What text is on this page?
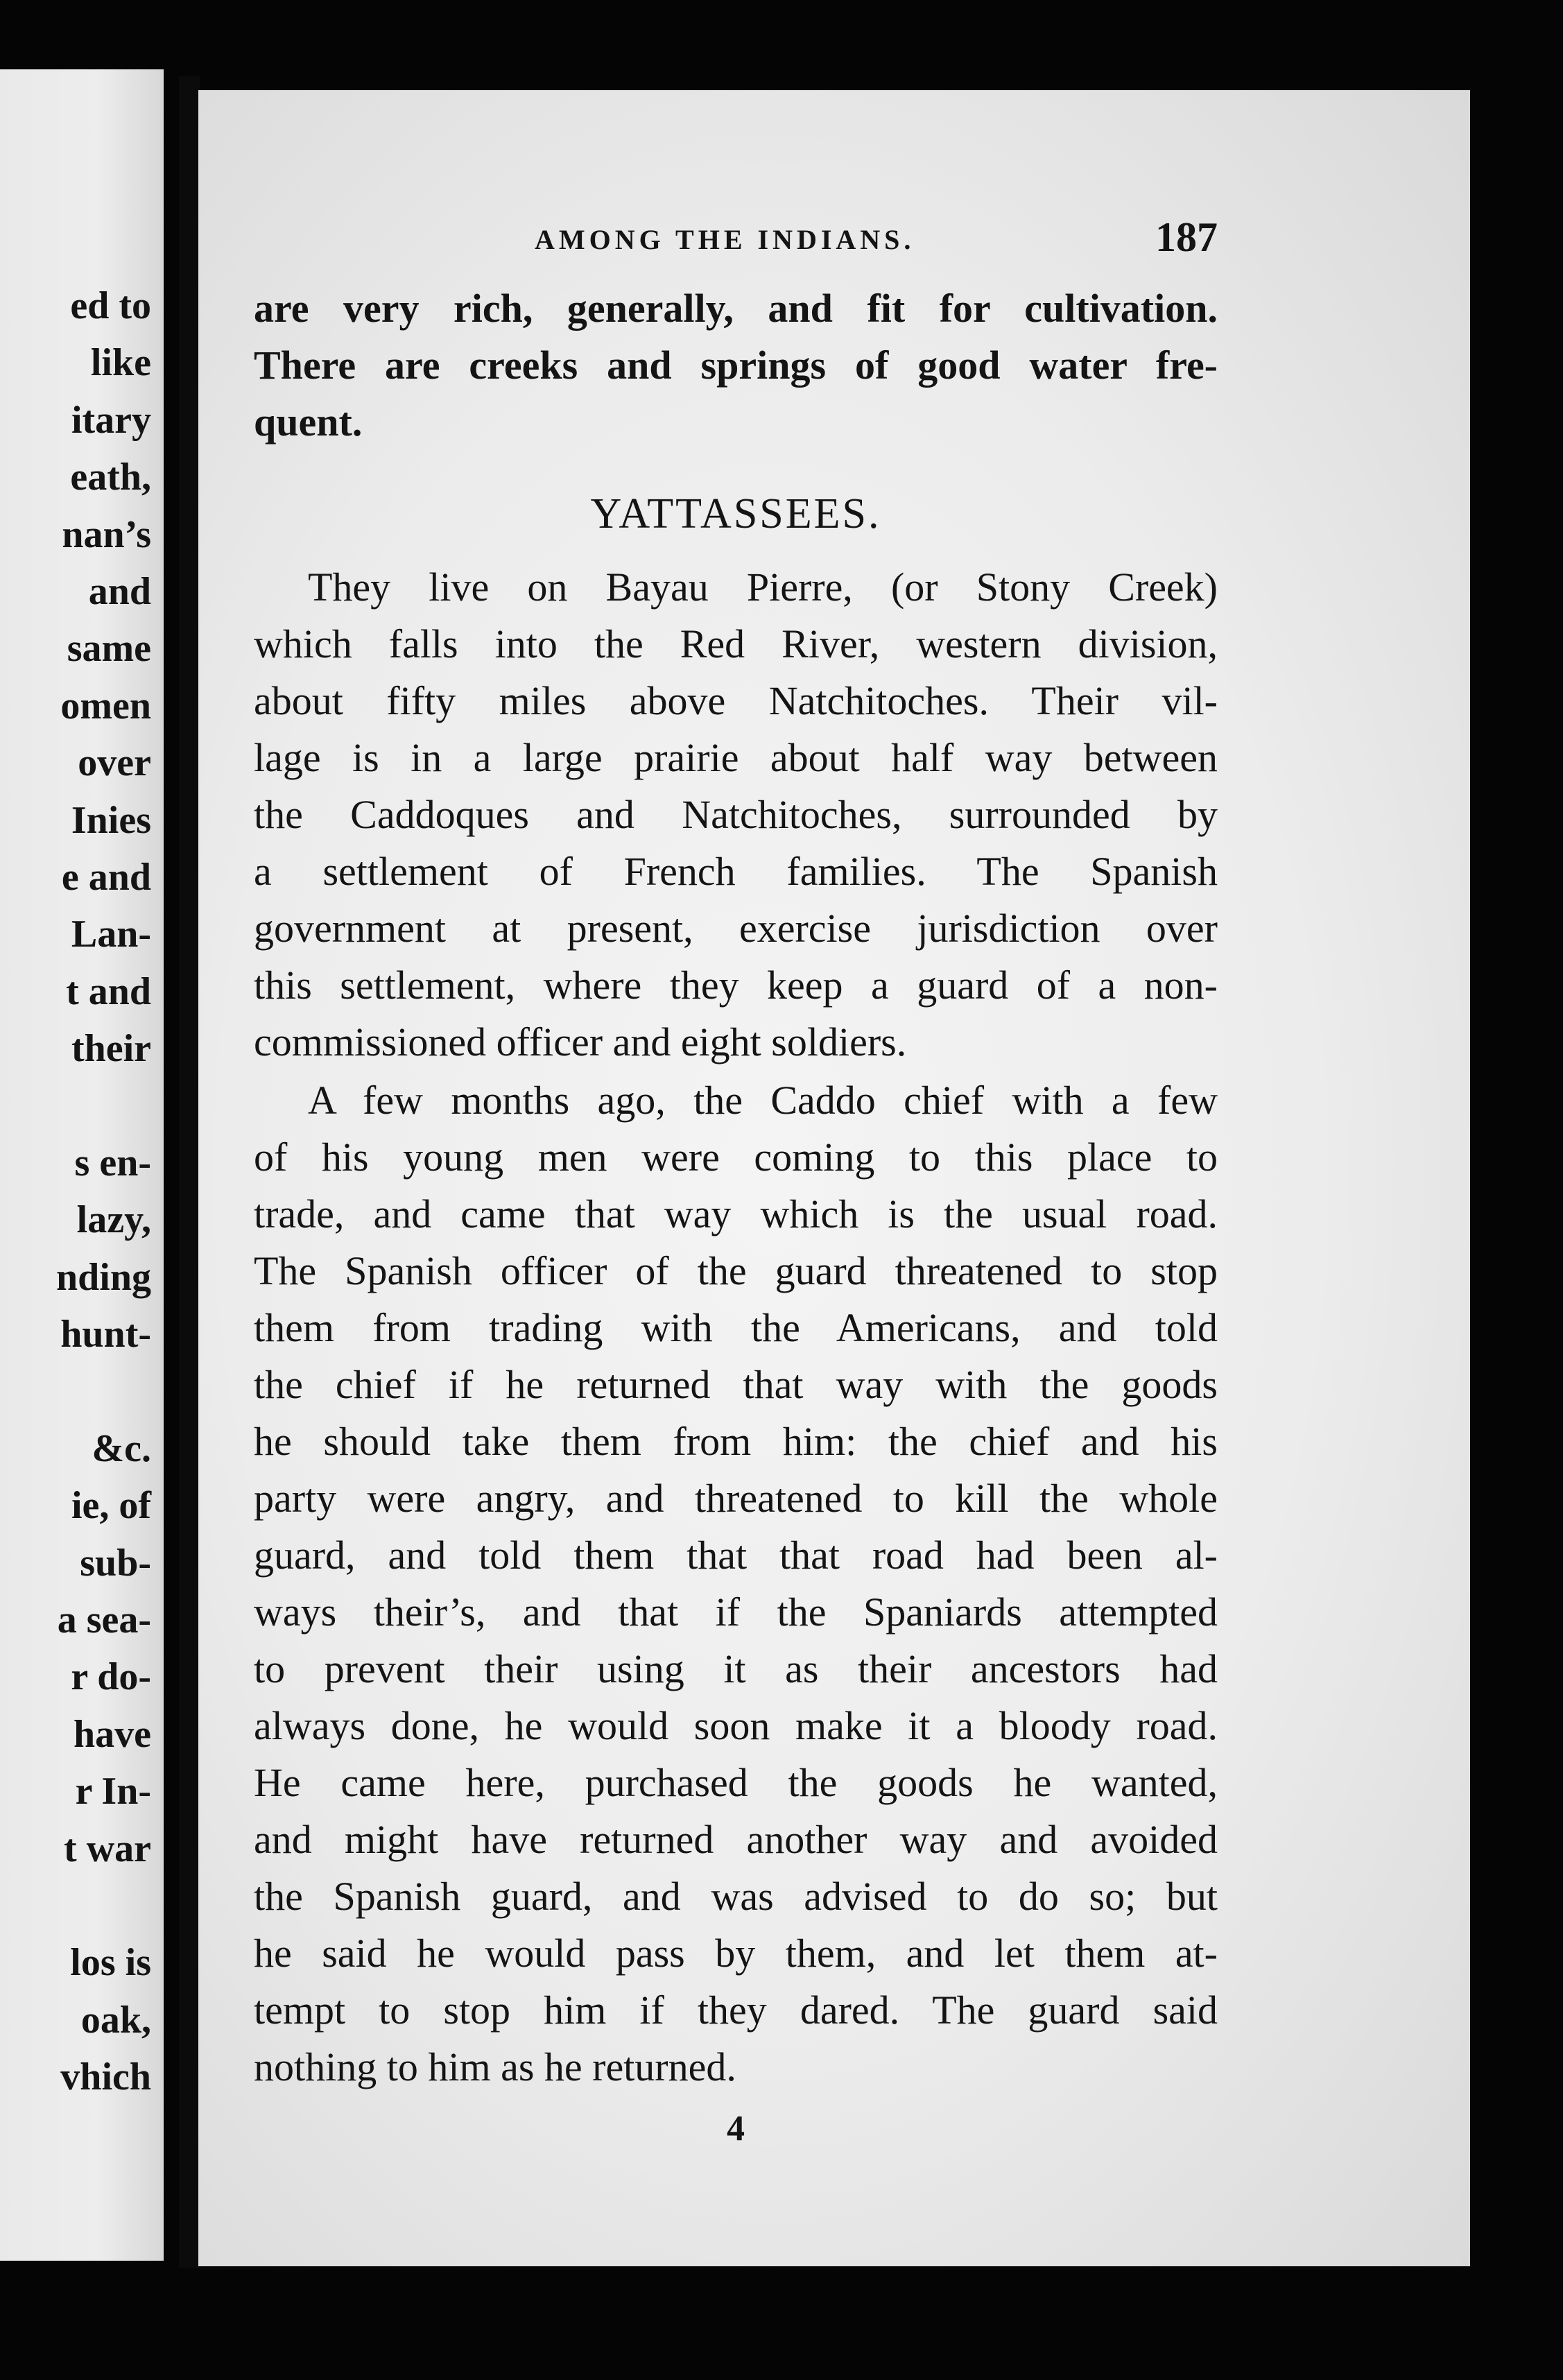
ed to
like
itary
eath,
nan’s
and
same
omen
over
Inies
e and
Lan-
t and
their
s en-
lazy,
nding
hunt-
&c.
ie, of
sub-
a sea-
r do-
have
r In-
t war
los is
oak,
vhich
AMONG THE INDIANS.	187
are very rich, generally, and fit for cultivation.
There are creeks and springs of good water fre-
quent.
YATTASSEES.
They live on Bayau Pierre, (or Stony Creek)
which falls into the Red River, western division,
about fifty miles above Natchitoches. Their vil-
lage is in a large prairie about half way between
the Caddoques and Natchitoches, surrounded by
a settlement of French families. The Spanish
government at present, exercise jurisdiction over
this settlement, where they keep a guard of a non-
commissioned officer and eight soldiers.
A few months ago, the Caddo chief with a few
of his young men were coming to this place to
trade, and came that way which is the usual road.
The Spanish officer of the guard threatened to stop
them from trading with the Americans, and told
the chief if he returned that way with the goods
he should take them from him: the chief and his
party were angry, and threatened to kill the whole
guard, and told them that that road had been al-
ways their’s, and that if the Spaniards attempted
to prevent their using it as their ancestors had
always done, he would soon make it a bloody road.
He came here, purchased the goods he wanted,
and might have returned another way and avoided
the Spanish guard, and was advised to do so; but
he said he would pass by them, and let them at-
tempt to stop him if they dared. The guard said
nothing to him as he returned.
4
